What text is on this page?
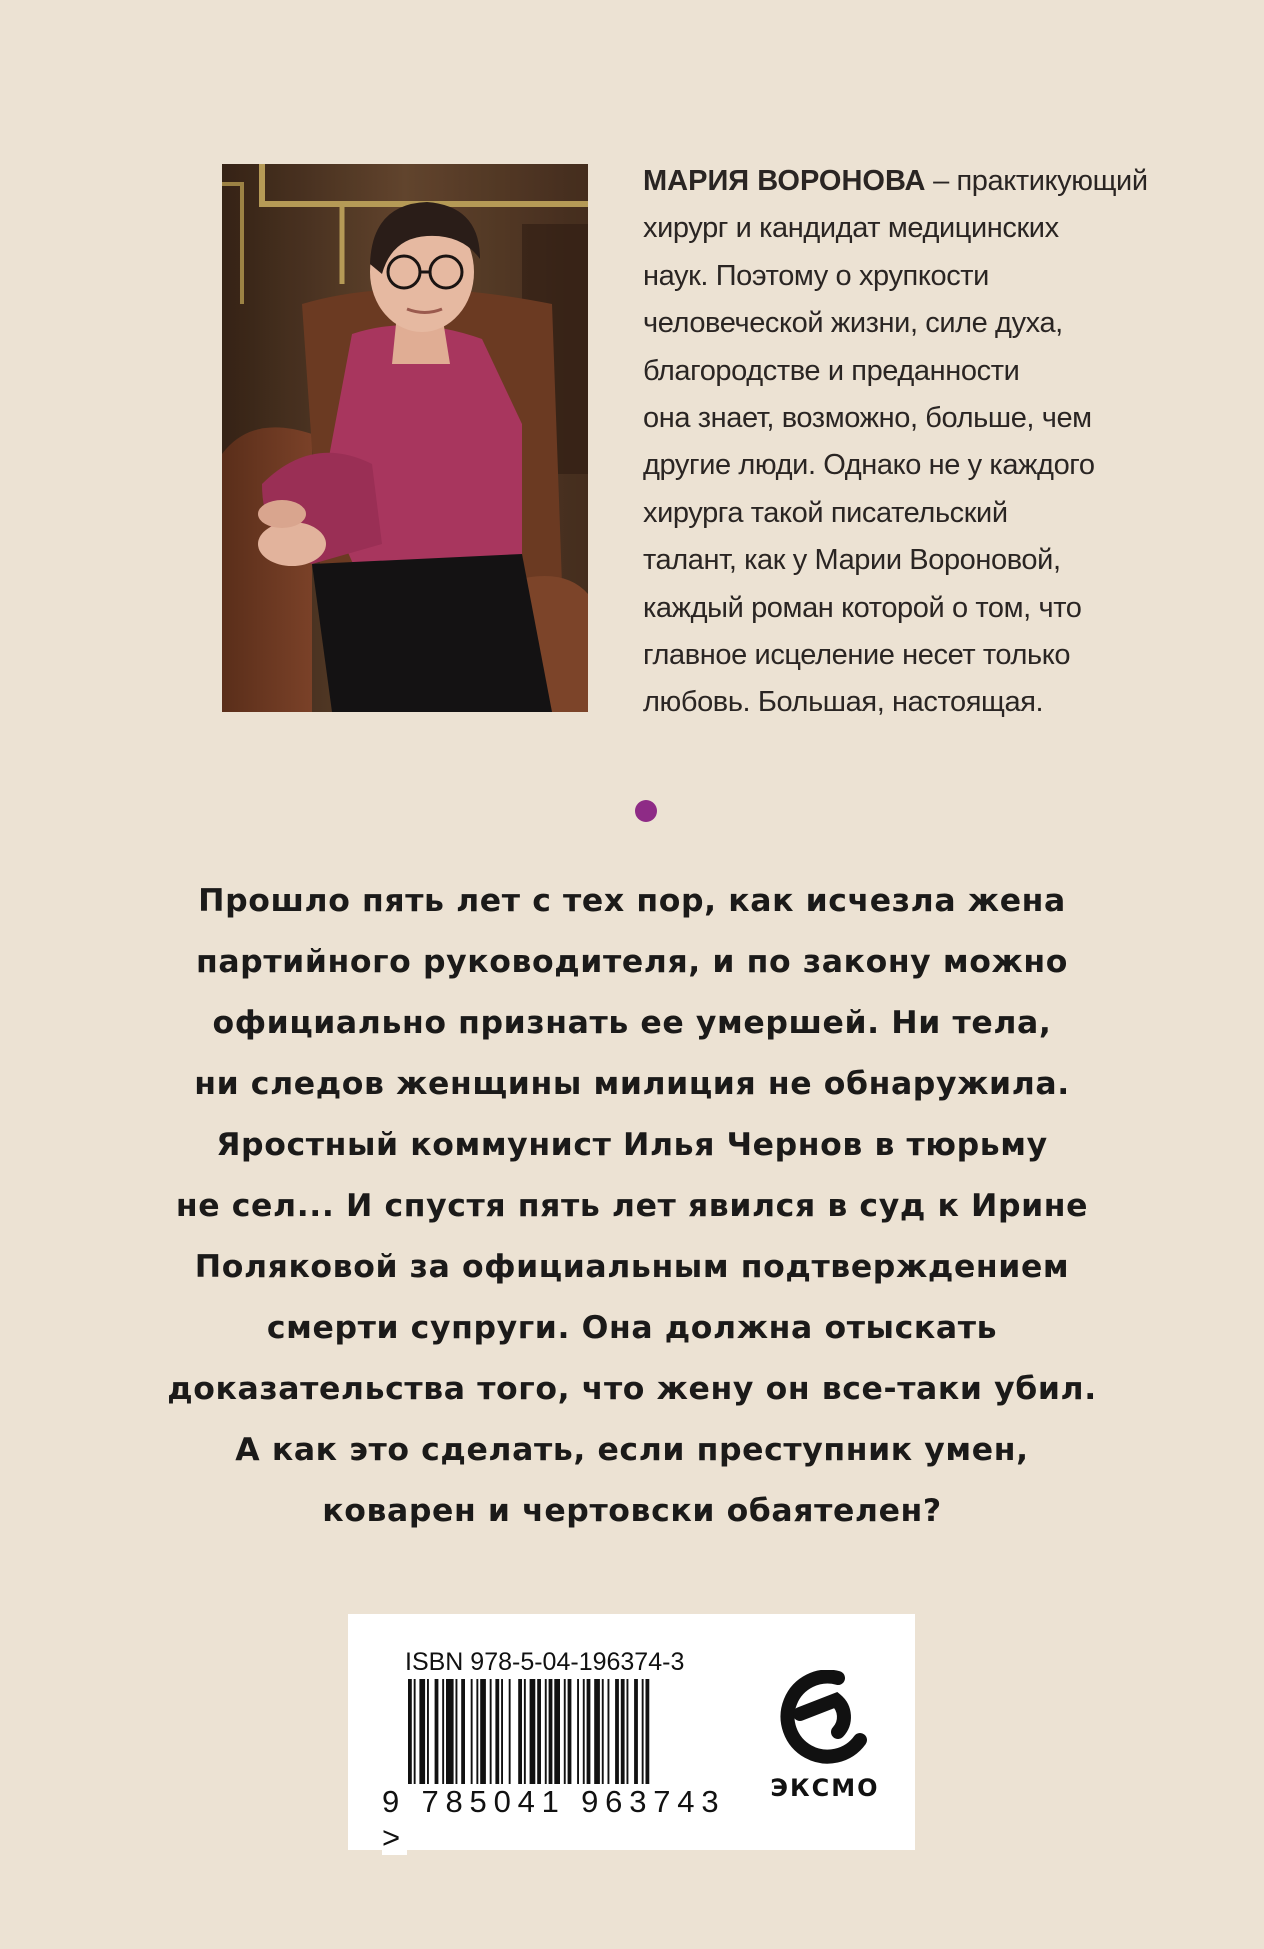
МАРИЯ ВОРОНОВА – практикующий
хирург и кандидат медицинских
наук. Поэтому о хрупкости
человеческой жизни, силе духа,
благородстве и преданности
она знает, возможно, больше, чем
другие люди. Однако не у каждого
хирурга такой писательский
талант, как у Марии Вороновой,
каждый роман которой о том, что
главное исцеление несет только
любовь. Большая, настоящая.
Прошло пять лет с тех пор, как исчезла жена
партийного руководителя, и по закону можно
официально признать ее умершей. Ни тела,
ни следов женщины милиция не обнаружила.
Яростный коммунист Илья Чернов в тюрьму
не сел... И спустя пять лет явился в суд к Ирине
Поляковой за официальным подтверждением
смерти супруги. Она должна отыскать
доказательства того, что жену он все-таки убил.
А как это сделать, если преступник умен,
коварен и чертовски обаятелен?
ISBN 978-5-04-196374-3
9 785041 963743 >
ЭКСМО
